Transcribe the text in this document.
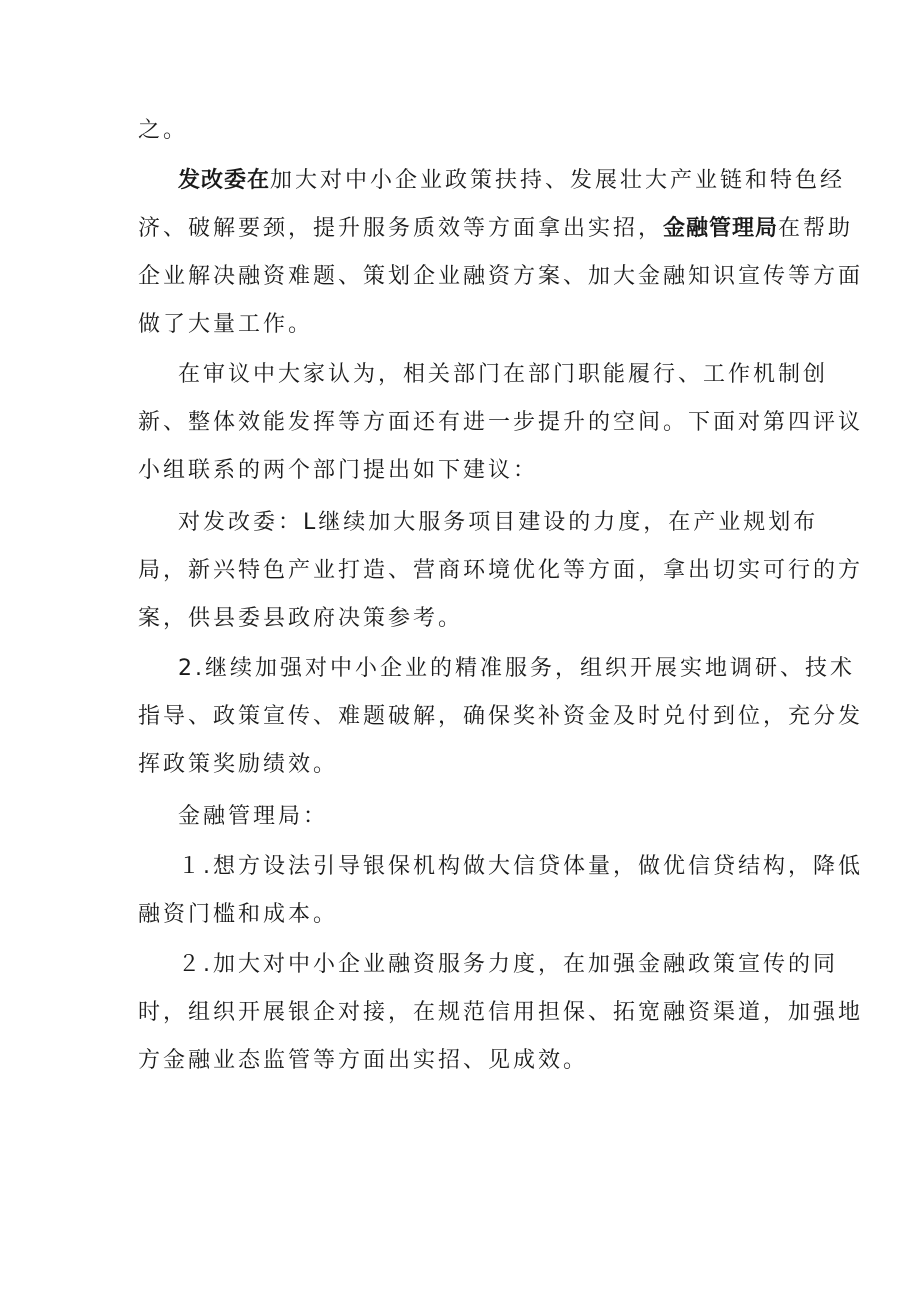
之。
发改委在加大对中小企业政策扶持、发展壮大产业链和特色经
济、破解要颈，提升服务质效等方面拿出实招，金融管理局在帮助
企业解决融资难题、策划企业融资方案、加大金融知识宣传等方面
做了大量工作。
在审议中大家认为，相关部门在部门职能履行、工作机制创
新、整体效能发挥等方面还有进一步提升的空间。下面对第四评议
小组联系的两个部门提出如下建议：
对发改委：L继续加大服务项目建设的力度，在产业规划布
局，新兴特色产业打造、营商环境优化等方面，拿出切实可行的方
案，供县委县政府决策参考。
2.继续加强对中小企业的精准服务，组织开展实地调研、技术
指导、政策宣传、难题破解，确保奖补资金及时兑付到位，充分发
挥政策奖励绩效。
金融管理局：
１.想方设法引导银保机构做大信贷体量，做优信贷结构，降低
融资门槛和成本。
２.加大对中小企业融资服务力度，在加强金融政策宣传的同
时，组织开展银企对接，在规范信用担保、拓宽融资渠道，加强地
方金融业态监管等方面出实招、见成效。
